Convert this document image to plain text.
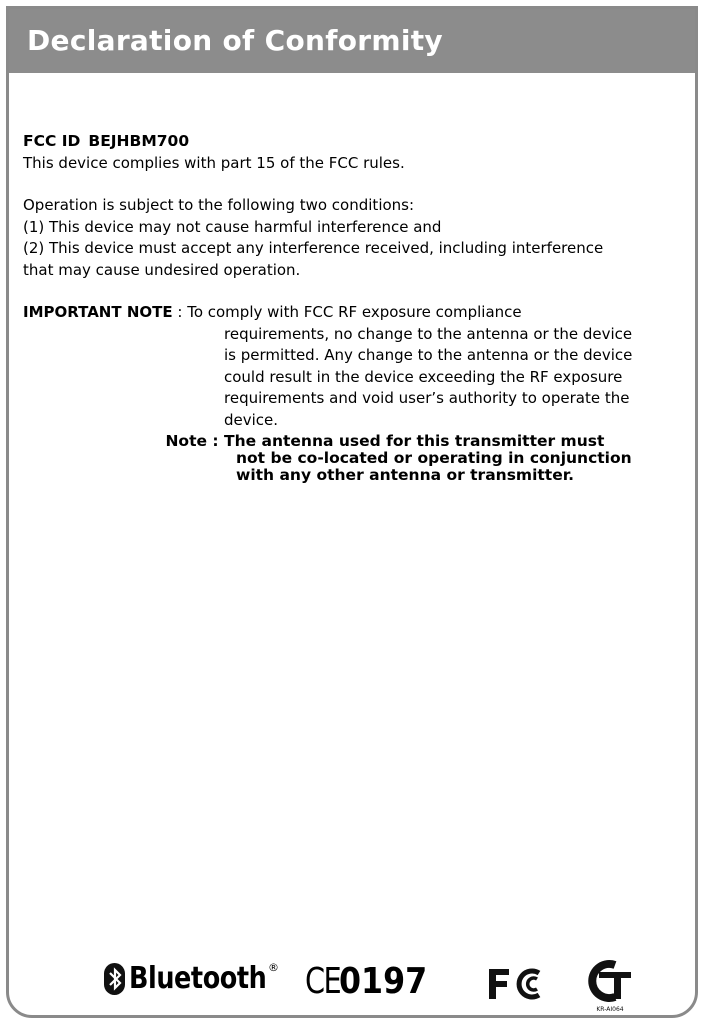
Declaration of Conformity
FCC ID BEJHBM700
This device complies with part 15 of the FCC rules.
Operation is subject to the following two conditions:
(1) This device may not cause harmful interference and
(2) This device must accept any interference received, including interference
that may cause undesired operation.
IMPORTANT NOTE : To comply with FCC RF exposure compliance
requirements, no change to the antenna or the device
is permitted. Any change to the antenna or the device
could result in the device exceeding the RF exposure
requirements and void user’s authority to operate the
device.
Note : The antenna used for this transmitter must
not be co-located or operating in conjunction
with any other antenna or transmitter.
Bluetooth ® CE
0197
KR-AI064
